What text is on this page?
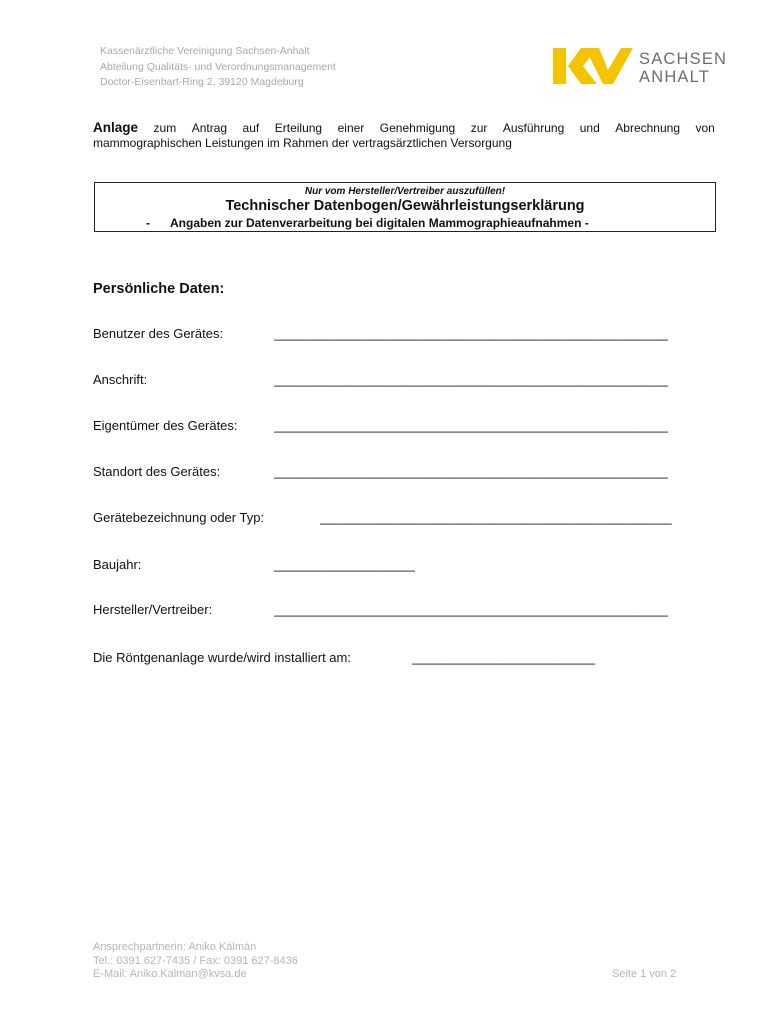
Kassenärztliche Vereinigung Sachsen-Anhalt
Abteilung Qualitäts- und Verordnungsmanagement
Doctor-Eisenbart-Ring 2, 39120 Magdeburg
SACHSEN
ANHALT
Anlage zum Antrag auf Erteilung einer Genehmigung zur Ausführung und Abrechnung von
mammographischen Leistungen im Rahmen der vertragsärztlichen Versorgung
Nur vom Hersteller/Vertreiber auszufüllen!
Technischer Datenbogen/Gewährleistungserklärung
- Angaben zur Datenverarbeitung bei digitalen Mammographieaufnahmen -
Persönliche Daten:
Benutzer des Gerätes:	________________________________________________________
Anschrift:	________________________________________________________
Eigentümer des Gerätes:	________________________________________________________
Standort des Gerätes:	________________________________________________________
Gerätebezeichnung oder Typ:	__________________________________________________
Baujahr:	____________________
Hersteller/Vertreiber:	________________________________________________________
Die Röntgenanlage wurde/wird installiert am:	__________________________
Ansprechpartnerin: Aniko Kálmán
Tel.: 0391 627-7435 / Fax: 0391 627-8436
E-Mail: Aniko.Kalman@kvsa.de	Seite 1 von 2
